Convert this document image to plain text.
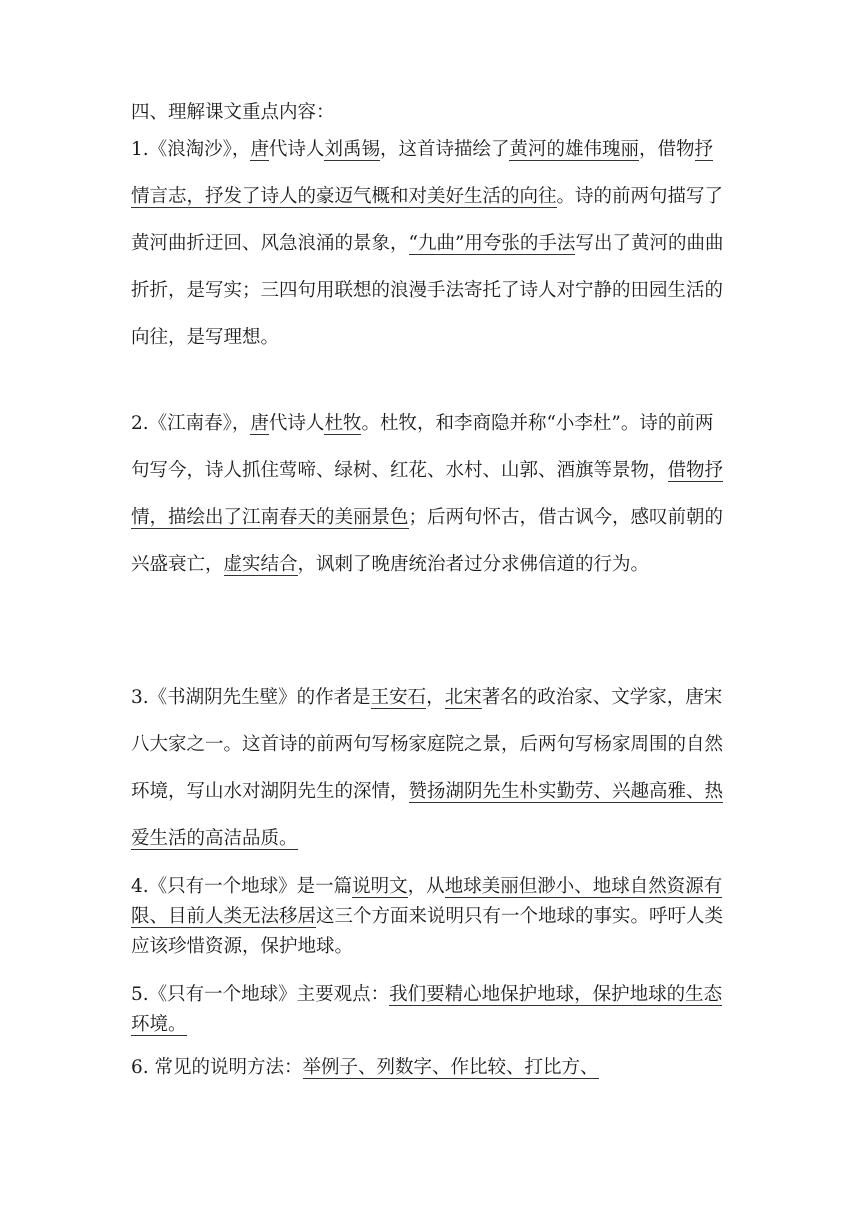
四、理解课文重点内容：
1.《浪淘沙》，唐代诗人刘禹锡，这首诗描绘了黄河的雄伟瑰丽，借物抒情言志，抒发了诗人的豪迈气概和对美好生活的向往。诗的前两句描写了黄河曲折迂回、风急浪涌的景象，“九曲”用夸张的手法写出了黄河的曲曲折折，是写实；三四句用联想的浪漫手法寄托了诗人对宁静的田园生活的向往，是写理想。
2.《江南春》，唐代诗人杜牧。杜牧，和李商隐并称“小李杜”。诗的前两句写今，诗人抓住莺啼、绿树、红花、水村、山郭、酒旗等景物，借物抒情，描绘出了江南春天的美丽景色；后两句怀古，借古讽今，感叹前朝的兴盛衰亡，虚实结合，讽刺了晚唐统治者过分求佛信道的行为。
3.《书湖阴先生壁》的作者是王安石，北宋著名的政治家、文学家，唐宋八大家之一。这首诗的前两句写杨家庭院之景，后两句写杨家周围的自然环境，写山水对湖阴先生的深情，赞扬湖阴先生朴实勤劳、兴趣高雅、热爱生活的高洁品质。
4.《只有一个地球》是一篇说明文，从地球美丽但渺小、地球自然资源有限、目前人类无法移居这三个方面来说明只有一个地球的事实。呼吁人类应该珍惜资源，保护地球。
5.《只有一个地球》主要观点：我们要精心地保护地球，保护地球的生态环境。
6. 常见的说明方法：举例子、列数字、作比较、打比方、
